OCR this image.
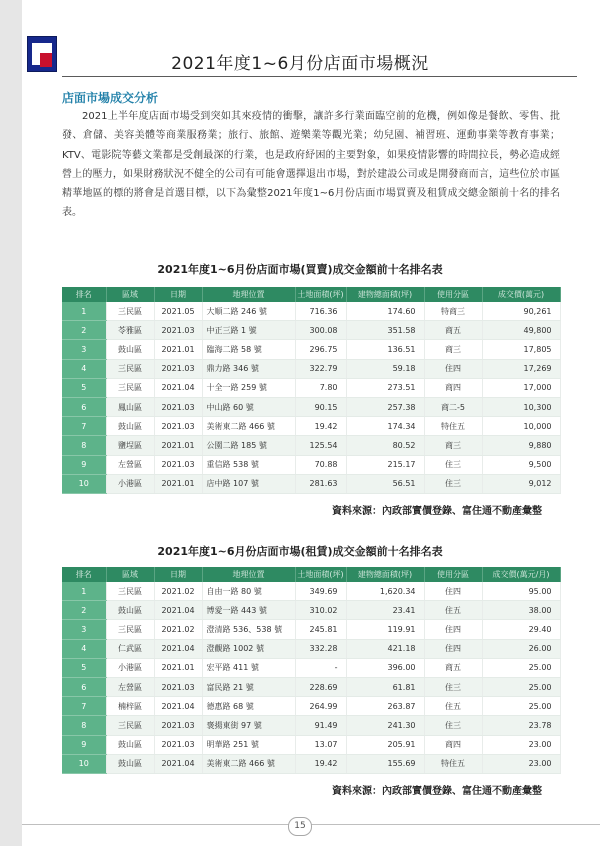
2021年度1~6月份店面市場概況
店面市場成交分析
2021上半年度店面市場受到突如其來疫情的衝擊，讓許多行業面臨空前的危機，例如像是餐飲、零售、批發、倉儲、美容美體等商業服務業；旅行、旅館、遊樂業等觀光業；幼兒園、補習班、運動事業等教育事業；KTV、電影院等藝文業都是受創最深的行業，也是政府紓困的主要對象，如果疫情影響的時間拉長，勢必造成經營上的壓力，如果財務狀況不健全的公司有可能會選擇退出市場，對於建設公司或是開發商而言，這些位於市區精華地區的標的將會是首選目標，以下為彙整2021年度1~6月份店面市場買賣及租賃成交總金額前十名的排名表。
2021年度1~6月份店面市場(買賣)成交金額前十名排名表
排名	區域	日期	地理位置	土地面積(坪)	建物總面積(坪)	使用分區	成交價(萬元)
1	三民區	2021.05	大順二路 246 號	716.36	174.60	特商三	90,261
2	苓雅區	2021.03	中正三路 1 號	300.08	351.58	商五	49,800
3	鼓山區	2021.01	臨海二路 58 號	296.75	136.51	商三	17,805
4	三民區	2021.03	鼎力路 346 號	322.79	59.18	住四	17,269
5	三民區	2021.04	十全一路 259 號	7.80	273.51	商四	17,000
6	鳳山區	2021.03	中山路 60 號	90.15	257.38	商二-5	10,300
7	鼓山區	2021.03	美術東二路 466 號	19.42	174.34	特住五	10,000
8	鹽埕區	2021.01	公園二路 185 號	125.54	80.52	商三	9,880
9	左營區	2021.03	重信路 538 號	70.88	215.17	住三	9,500
10	小港區	2021.01	店中路 107 號	281.63	56.51	住三	9,012
資料來源：內政部實價登錄、富住通不動產彙整
2021年度1~6月份店面市場(租賃)成交金額前十名排名表
排名	區域	日期	地理位置	土地面積(坪)	建物總面積(坪)	使用分區	成交價(萬元/月)
1	三民區	2021.02	自由一路 80 號	349.69	1,620.34	住四	95.00
2	鼓山區	2021.04	博愛一路 443 號	310.02	23.41	住五	38.00
3	三民區	2021.02	澄清路 536、538 號	245.81	119.91	住四	29.40
4	仁武區	2021.04	澄觀路 1002 號	332.28	421.18	住四	26.00
5	小港區	2021.01	宏平路 411 號	-	396.00	商五	25.00
6	左營區	2021.03	富民路 21 號	228.69	61.81	住三	25.00
7	楠梓區	2021.04	德惠路 68 號	264.99	263.87	住五	25.00
8	三民區	2021.03	褒揚東街 97 號	91.49	241.30	住三	23.78
9	鼓山區	2021.03	明華路 251 號	13.07	205.91	商四	23.00
10	鼓山區	2021.04	美術東二路 466 號	19.42	155.69	特住五	23.00
資料來源：內政部實價登錄、富住通不動產彙整
15
